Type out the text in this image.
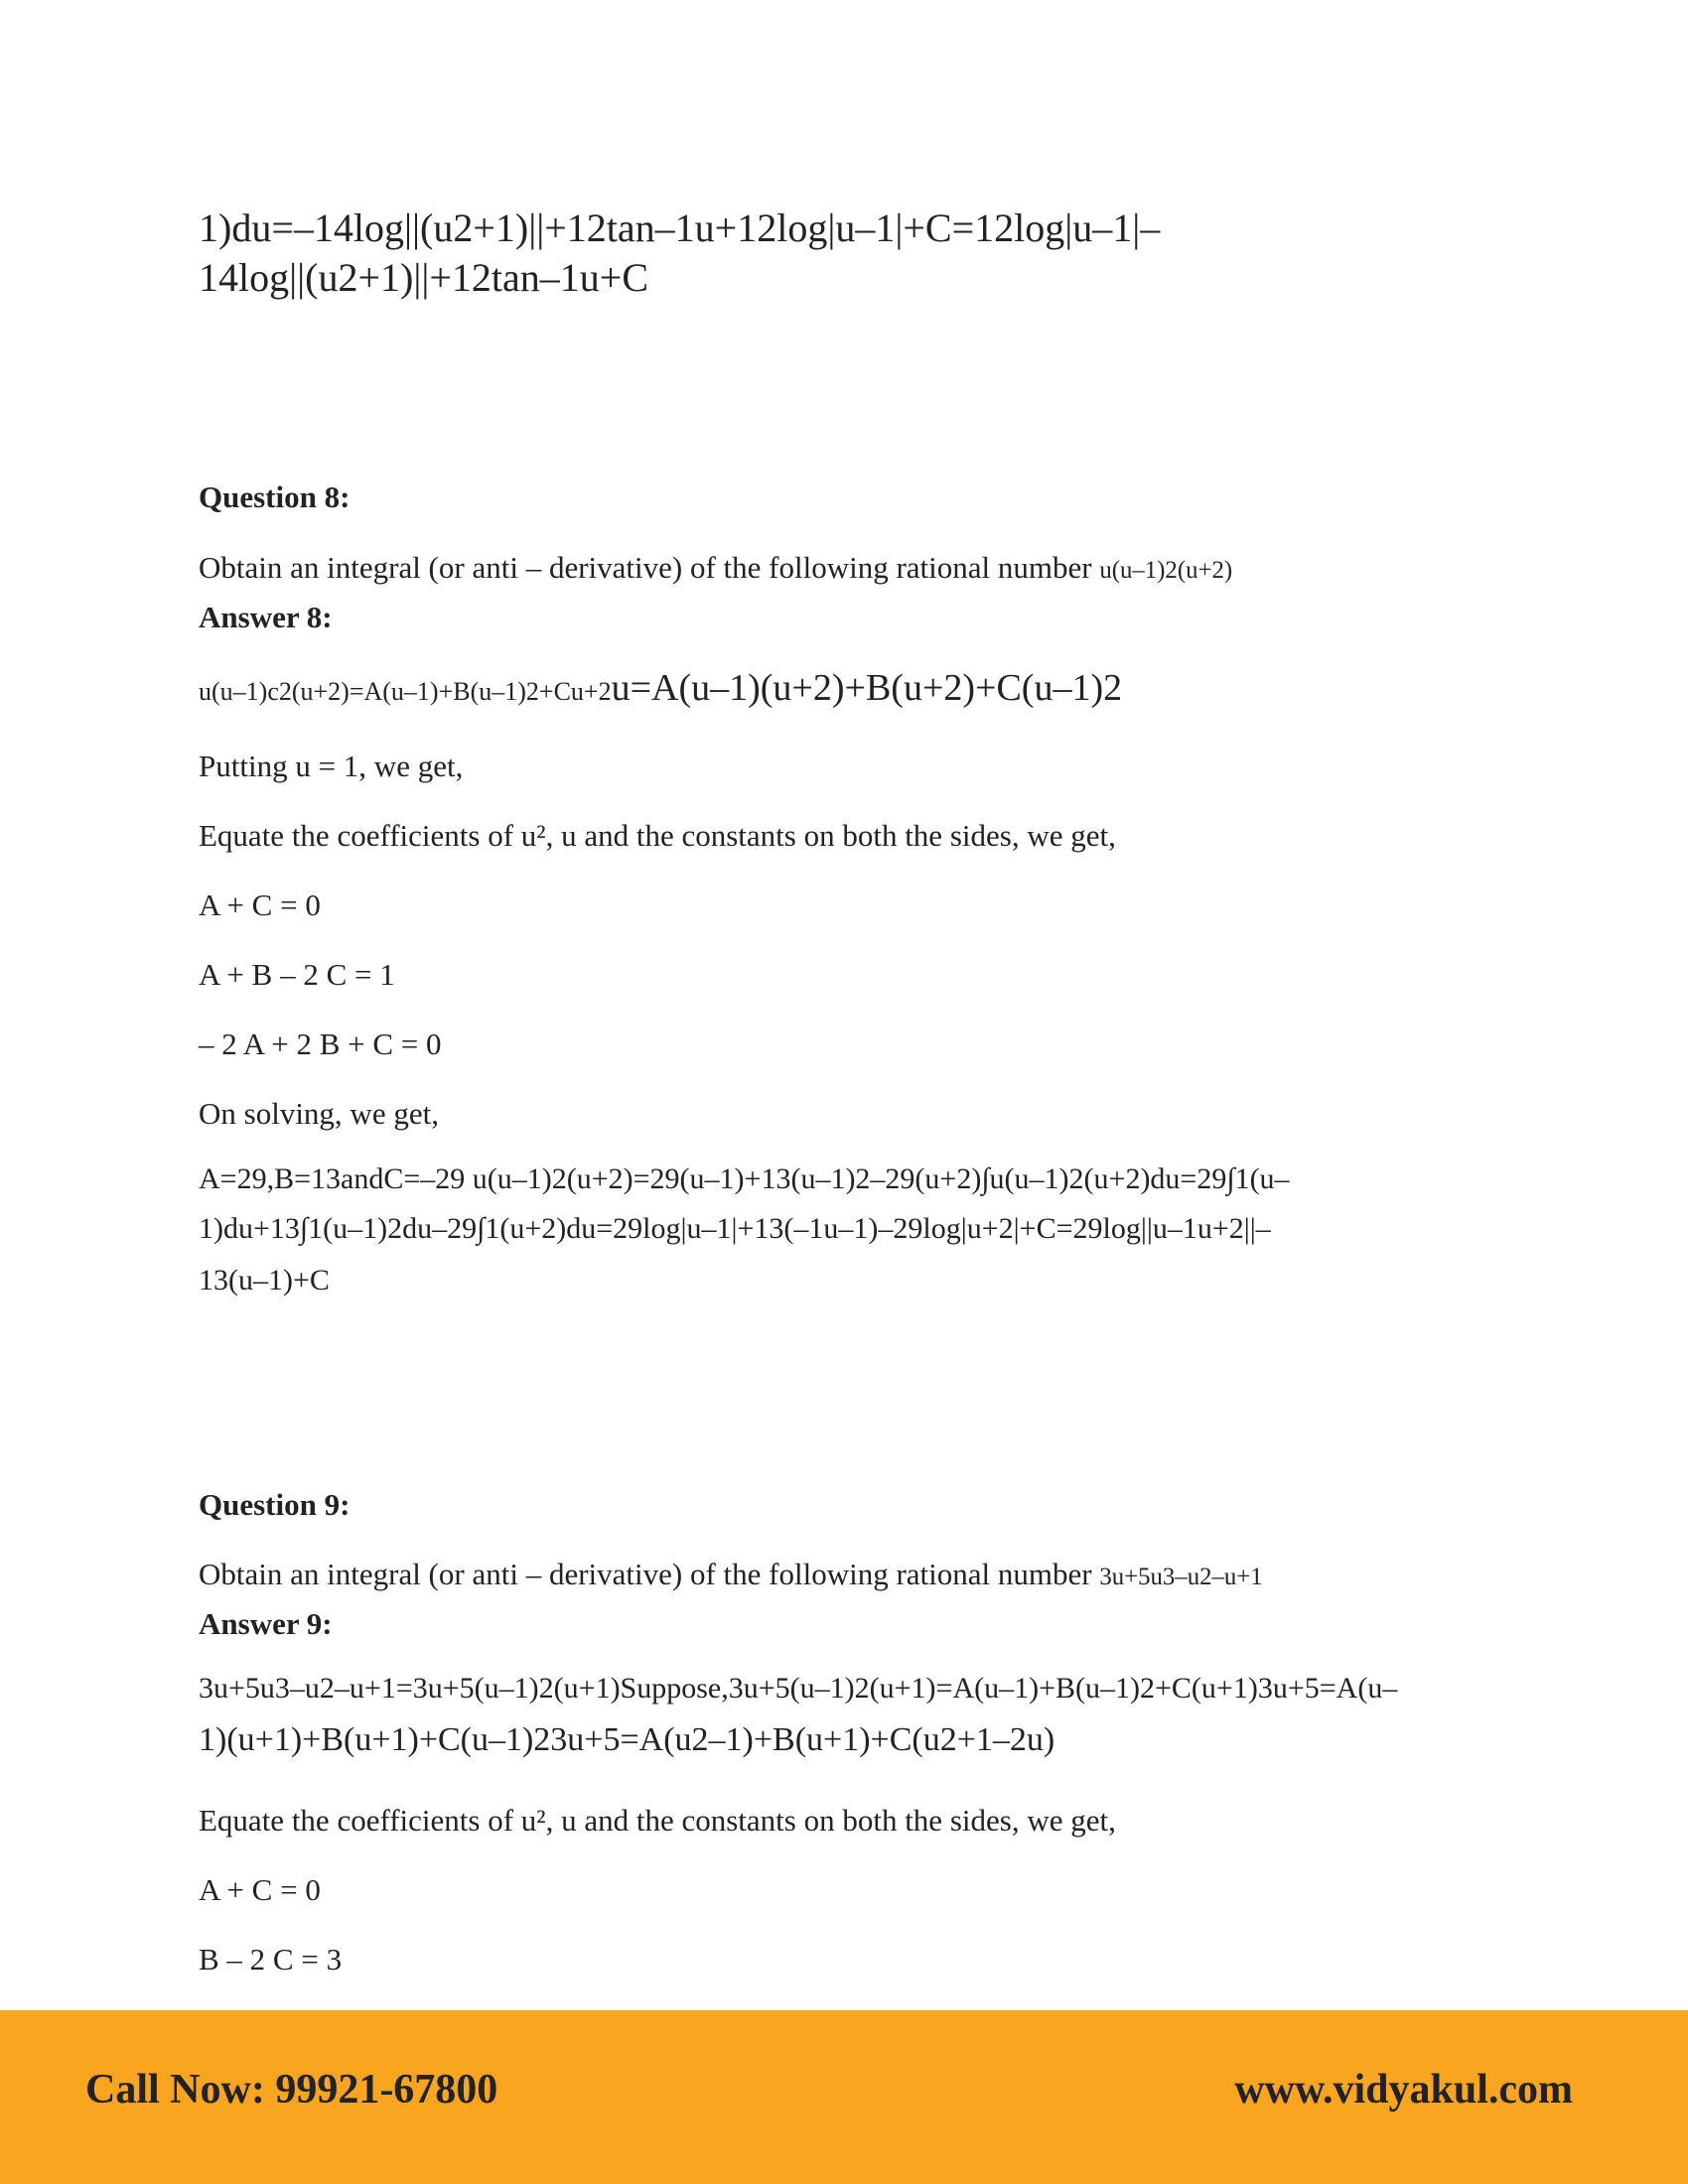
1)du=–14log||(u2+1)||+12tan–1u+12log|u–1|+C=12log|u–1|–
14log||(u2+1)||+12tan–1u+C
Question 8:
Obtain an integral (or anti – derivative) of the following rational number u(u–1)2(u+2)
Answer 8:
u(u–1)c2(u+2)=A(u–1)+B(u–1)2+Cu+2u=A(u–1)(u+2)+B(u+2)+C(u–1)2
Putting u = 1, we get,
Equate the coefficients of u², u and the constants on both the sides, we get,
A + C = 0
A + B – 2 C = 1
– 2 A + 2 B + C = 0
On solving, we get,
A=29,B=13andC=–29 u(u–1)2(u+2)=29(u–1)+13(u–1)2–29(u+2)∫u(u–1)2(u+2)du=29∫1(u–
1)du+13∫1(u–1)2du–29∫1(u+2)du=29log|u–1|+13(–1u–1)–29log|u+2|+C=29log||u–1u+2||–
13(u–1)+C
Question 9:
Obtain an integral (or anti – derivative) of the following rational number 3u+5u3–u2–u+1
Answer 9:
3u+5u3–u2–u+1=3u+5(u–1)2(u+1)Suppose,3u+5(u–1)2(u+1)=A(u–1)+B(u–1)2+C(u+1)3u+5=A(u–
1)(u+1)+B(u+1)+C(u–1)23u+5=A(u2–1)+B(u+1)+C(u2+1–2u)
Equate the coefficients of u², u and the constants on both the sides, we get,
A + C = 0
B – 2 C = 3
Call Now: 99921-67800	www.vidyakul.com
